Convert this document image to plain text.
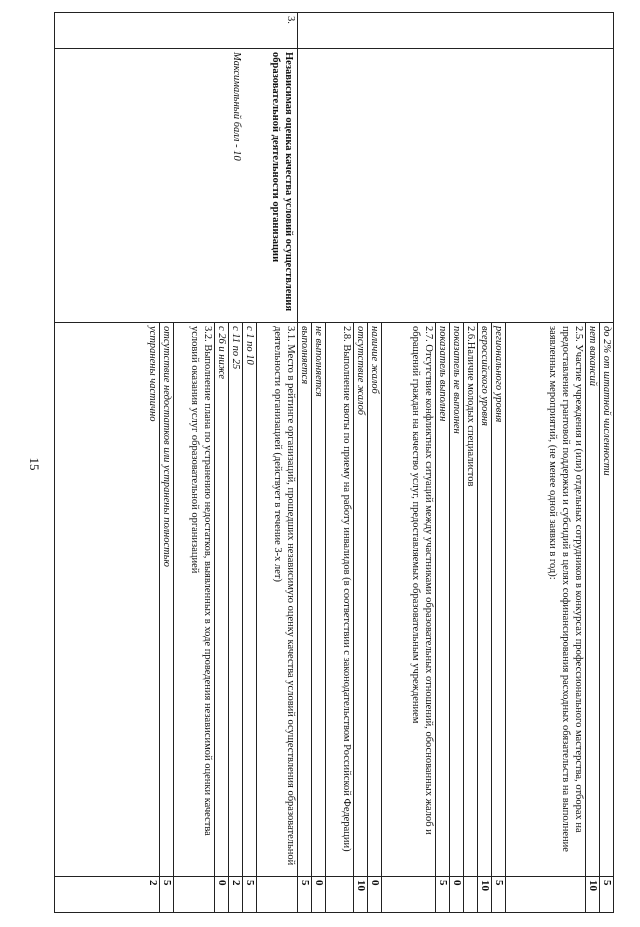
15
			до 2% от штатной численности	5
		нет вакансий	10
		2.5. Участие учреждения и (или) отдельных сотрудников в конкурсах профессионального мастерства, отборах на предоставление грантовой поддержки и субсидий в целях софинансирования расходных обязательств на выполнение заявленных мероприятий, (не менее одной заявки в год):	
		регионального уровня	5
		всероссийского уровня	10
		2.6.Наличие молодых специалистов	
		показатель не выполнен	0
		показатель выполнен	5
		2.7. Отсутствие конфликтных ситуаций между участниками образовательных отношений, обоснованных жалоб и обращений граждан на качество услуг, предоставляемых образовательным учреждением	
		наличие жалоб	0
		отсутствие жалоб	10
		2.8. Выполнение квоты по приему на работу инвалидов (в соответствии с законодательством Российской Федерации)	
		не выполняется	0
		выполняется	5
3.	Независимая оценка качества условий осуществления образовательной деятельности организации
Максимальный балл - 10	3.1. Место в рейтинге организаций, прошедших независимую оценку качества условий осуществления образовательной деятельности организацией (действует в течение 3-х лет)	
		с 1 по 10	5
		с 11 по 25	2
		с 26 и ниже	0
		3.2. Выполнение плана по устранению недостатков, выявленных в ходе проведения независимой оценки качества условий оказания услуг образовательной организацией	
		отсутствие недостатков или устранены полностью	5
		устранены частично	2
